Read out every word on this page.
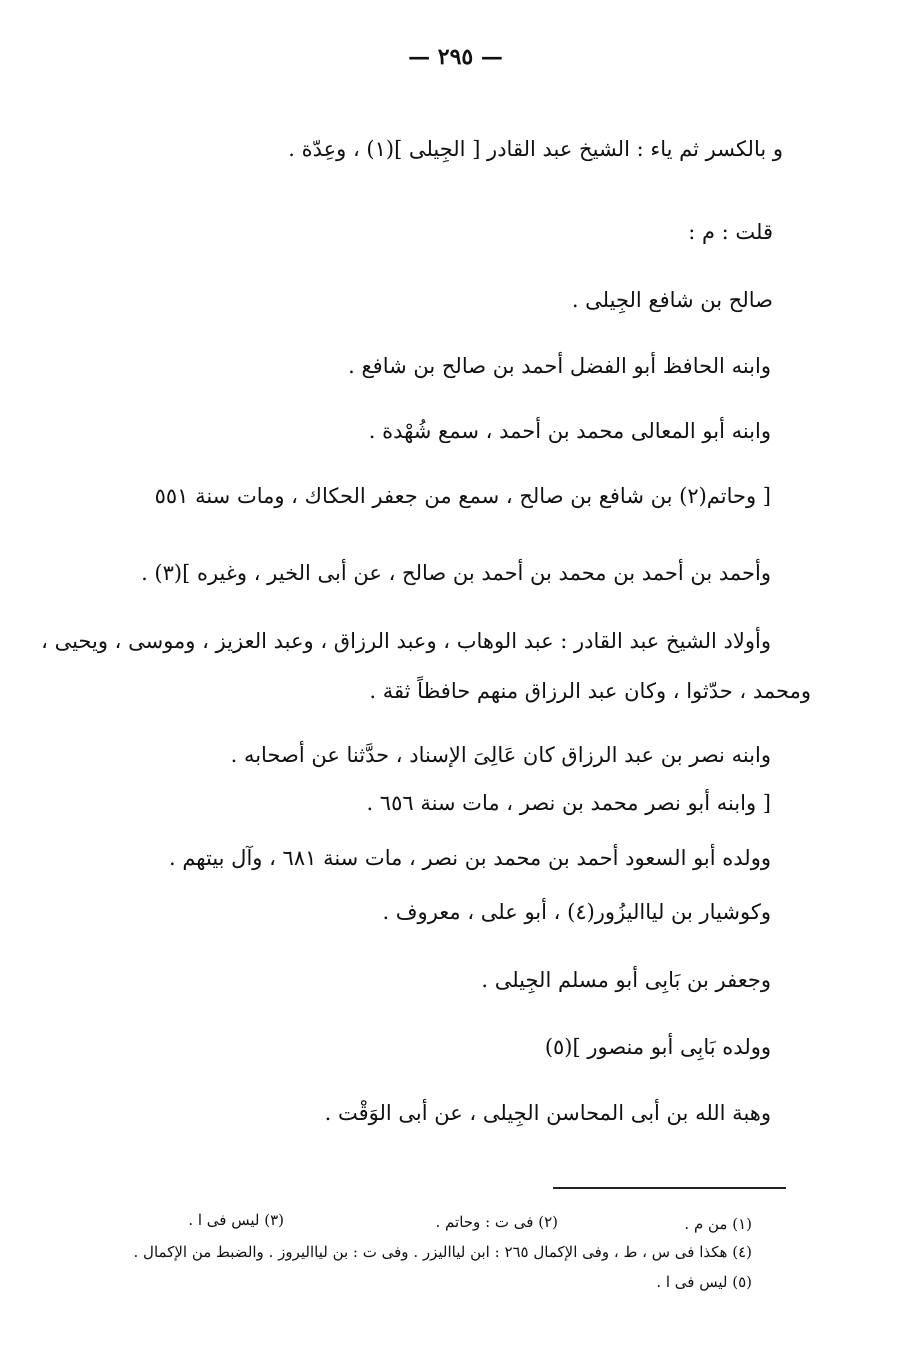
— ٢٩٥ —
و بالكسر ثم ياء : الشيخ عبد القادر [ الجِيلى ](١) ، وعِدّة .
قلت : م :
صالح بن شافع الجِيلى .
وابنه الحافظ أبو الفضل أحمد بن صالح بن شافع .
وابنه أبو المعالى محمد بن أحمد ، سمع شُهْدة .
[ وحاتم(٢) بن شافع بن صالح ، سمع من جعفر الحكاك ، ومات سنة ٥٥١
وأحمد بن أحمد بن محمد بن أحمد بن صالح ، عن أبى الخير ، وغيره ](٣) .
وأولاد الشيخ عبد القادر : عبد الوهاب ، وعبد الرزاق ، وعبد العزيز ، وموسى ، ويحيى ،
ومحمد ، حدّثوا ، وكان عبد الرزاق منهم حافظاً ثقة .
وابنه نصر بن عبد الرزاق كان عَالِىَ الإسناد ، حدَّثنا عن أصحابه .
[ وابنه أبو نصر محمد بن نصر ، مات سنة ٦٥٦ .
وولده أبو السعود أحمد بن محمد بن نصر ، مات سنة ٦٨١ ، وآل بيتهم .
وكوشيار بن ليااليزُور(٤) ، أبو على ، معروف .
وجعفر بن بَابِى أبو مسلم الجِيلى .
وولده بَابِى أبو منصور ](٥)
وهبة الله بن أبى المحاسن الجِيلى ، عن أبى الوَقْت .
(١) من م .
(٢) فى ت : وحاتم .
(٣) ليس فى ا .
(٤) هكذا فى س ، ط ، وفى الإكمال ٢٦٥ : ابن ليااليزر . وفى ت : بن ليااليروز . والضبط من الإكمال .
(٥) ليس فى ا .
